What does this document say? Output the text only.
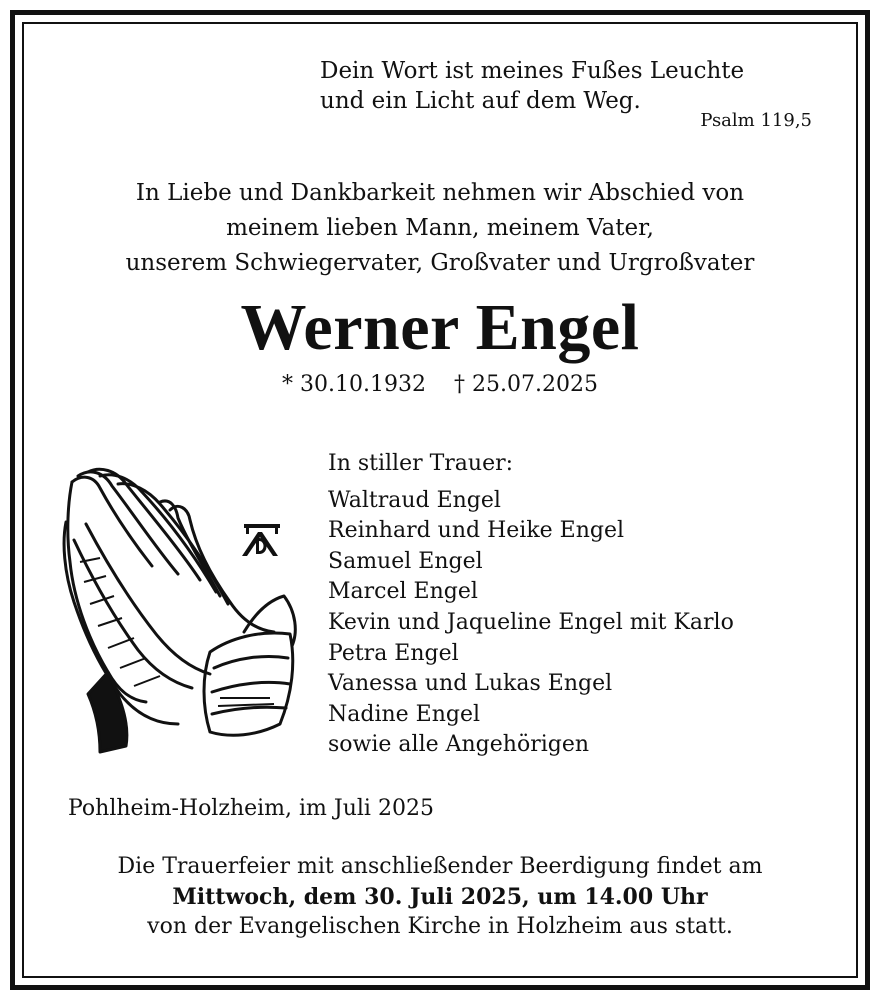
Dein Wort ist meines Fußes Leuchte
und ein Licht auf dem Weg.
Psalm 119,5
In Liebe und Dankbarkeit nehmen wir Abschied von
meinem lieben Mann, meinem Vater,
unserem Schwiegervater, Großvater und Urgroßvater
Werner Engel
* 30.10.1932 † 25.07.2025
In stiller Trauer:
Waltraud Engel
Reinhard und Heike Engel
Samuel Engel
Marcel Engel
Kevin und Jaqueline Engel mit Karlo
Petra Engel
Vanessa und Lukas Engel
Nadine Engel
sowie alle Angehörigen
Pohlheim-Holzheim, im Juli 2025
Die Trauerfeier mit anschließender Beerdigung findet am
Mittwoch, dem 30. Juli 2025, um 14.00 Uhr
von der Evangelischen Kirche in Holzheim aus statt.
